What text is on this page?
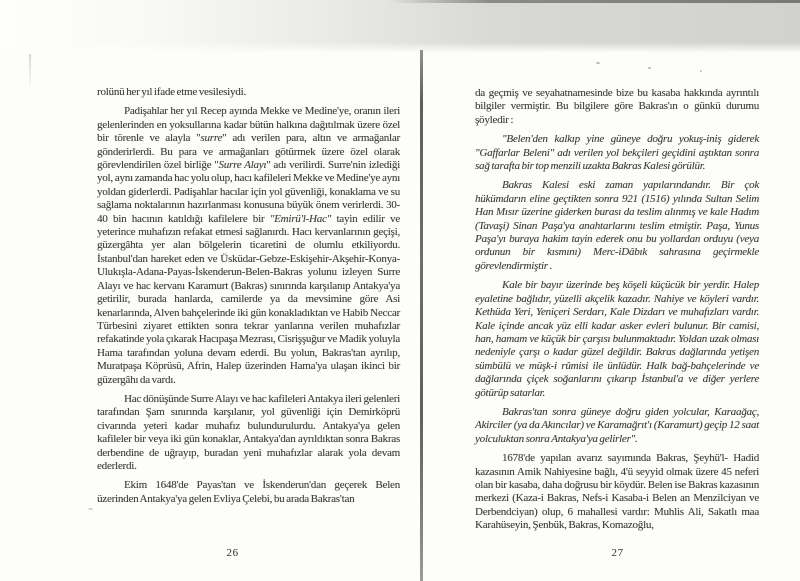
rolünü her yıl ifade etme vesilesiydi.

Padişahlar her yıl Recep ayında Mekke ve Medine'ye, oranın ileri gelenlerinden en yoksullarına kadar bütün halkına dağıtılmak üzere özel bir törenle ve alayla "surre" adı verilen para, altın ve armağanlar gönderirlerdi. Bu para ve armağanları götürmek üzere özel olarak görevlendirilen özel birliğe "Surre Alayı" adı verilirdi. Surre'nin izlediği yol, aynı zamanda hac yolu olup, hacı kafileleri Mekke ve Medine'ye aynı yoldan giderlerdi. Padişahlar hacılar için yol güvenliği, konaklama ve su sağlama noktalarının hazırlanması konusuna büyük önem verirlerdi. 30- 40 bin hacının katıldığı kafilelere bir "Emirü'l-Hac" tayin edilir ve yeterince muhafızın refakat etmesi sağlanırdı. Hacı kervanlarının geçişi, güzergâhta yer alan bölgelerin ticaretini de olumlu etkiliyordu. İstanbul'dan hareket eden ve Üsküdar-Gebze-Eskişehir-Akşehir-Konya-Ulukışla-Adana-Payas-İskenderun-Belen-Bakras yolunu izleyen Surre Alayı ve hac kervanı Karamurt (Bakras) sınırında karşılanıp Antakya'ya getirilir, burada hanlarda, camilerde ya da mevsimine göre Asi kenarlarında, Alven bahçelerinde iki gün konakladıktan ve Habib Neccar Türbesini ziyaret ettikten sonra tekrar yanlarına verilen muhafızlar refakatinde yola çıkarak Hacıpaşa Mezrası, Cisrişşuğur ve Madik yoluyla Hama tarafından yoluna devam ederdi. Bu yolun, Bakras'tan ayrılıp, Muratpaşa Köprüsü, Afrin, Halep üzerinden Hama'ya ulaşan ikinci bir güzergâhı da vardı.

Hac dönüşünde Surre Alayı ve hac kafileleri Antakya ileri gelenleri tarafından Şam sınırında karşılanır, yol güvenliği için Demirköprü civarında yeteri kadar muhafız bulundurulurdu. Antakya'ya gelen kafileler bir veya iki gün konaklar, Antakya'dan ayrıldıktan sonra Bakras derbendine de uğrayıp, buradan yeni muhafızlar alarak yola devam ederlerdi.

Ekim 1648'de Payas'tan ve İskenderun'dan geçerek Belen üzerinden Antakya'ya gelen Evliya Çelebi, bu arada Bakras'tan

da geçmiş ve seyahatnamesinde bize bu kasaba hakkında ayrıntılı bilgiler vermiştir. Bu bilgilere göre Bakras'ın o günkü durumu şöyledir :

"Belen'den kalkıp yine güneye doğru yokuş-iniş giderek "Gaffarlar Beleni" adı verilen yol bekçileri geçidini aştıktan sonra sağ tarafta bir top menzili uzakta Bakras Kalesi görülür.

Bakras Kalesi eski zaman yapılarındandır. Bir çok hükümdarın eline geçtikten sonra 921 (1516) yılında Sultan Selim Han Mısır üzerine giderken burası da teslim alınmış ve kale Hadım (Tavaşi) Sinan Paşa'ya anahtarlarını teslim etmiştir. Paşa, Yunus Paşa'yı buraya hakim tayin ederek onu bu yollardan orduyu (veya ordunun bir kısmını) Merc-iDâbık sahrasına geçirmekle görevlendirmiştir .

Kale bir bayır üzerinde beş köşeli küçücük bir yerdir. Halep eyaletine bağlıdır, yüzelli akçelik kazadır. Nahiye ve köyleri vardır. Kethüda Yeri, Yeniçeri Serdarı, Kale Dizdarı ve muhafızları vardır. Kale içinde ancak yüz elli kadar asker evleri bulunur. Bir camisi, han, hamam ve küçük bir çarşısı bulunmaktadır. Yoldan uzak olması nedeniyle çarşı o kadar güzel değildir. Bakras dağlarında yetişen sümbülü ve müşk-i rûmisi ile ünlüdür. Halk bağ-bahçelerinde ve dağlarında çiçek soğanlarını çıkarıp İstanbul'a ve diğer yerlere götürüp satarlar.

Bakras'tan sonra güneye doğru giden yolcular, Karaağaç, Akirciler (ya da Akıncılar) ve Karamağrıt'ı (Karamurt) geçip 12 saat yolculuktan sonra Antakya'ya gelirler".

1678'de yapılan avarız sayımında Bakras, Şeyhü'l- Hadid kazasının Amik Nahiyesine bağlı, 4'ü seyyid olmak üzere 45 neferi olan bir kasaba, daha doğrusu bir köydür. Belen ise Bakras kazasının merkezi (Kaza-i Bakras, Nefs-i Kasaba-i Belen an Menzilciyan ve Derbendciyan) olup, 6 mahallesi vardır: Muhlis Ali, Sakatlı maa Karahüseyin, Şenbük, Bakras, Komazoğlu,

26	27
